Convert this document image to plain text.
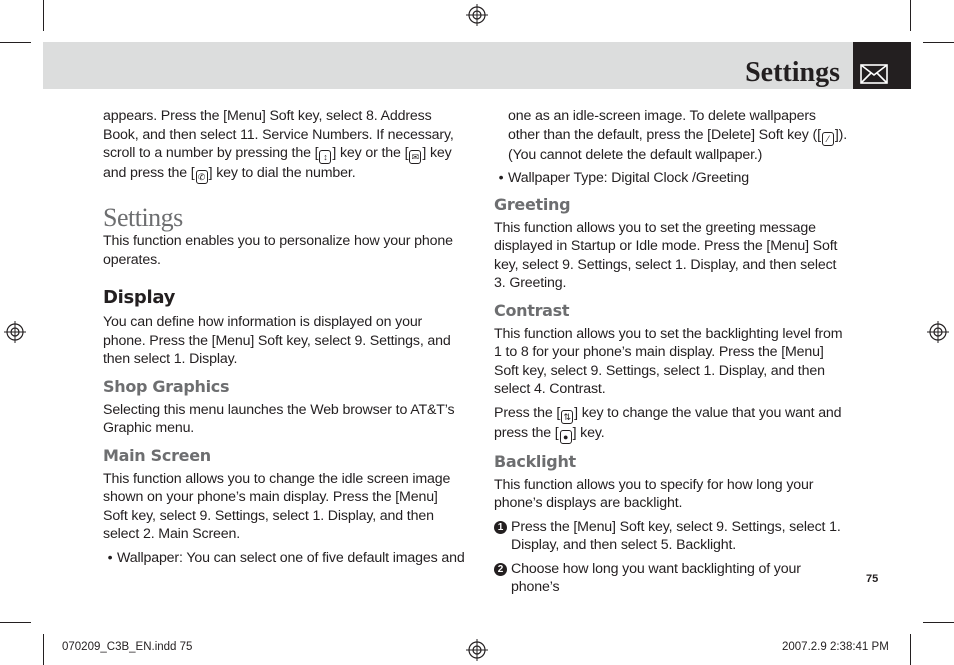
Settings

appears. Press the [Menu] Soft key, select 8. Address Book, and then select 11. Service Numbers. If necessary, scroll to a number by pressing the [ ↕ ] key or the [ ✉ ] key and press the [ ✆ ] key to dial the number.

Settings

This function enables you to personalize how your phone operates.

Display

You can define how information is displayed on your phone. Press the [Menu] Soft key, select 9. Settings, and then select 1. Display.

Shop Graphics

Selecting this menu launches the Web browser to AT&T’s Graphic menu.

Main Screen

This function allows you to change the idle screen image shown on your phone’s main display. Press the [Menu] Soft key, select 9. Settings, select 1. Display, and then select 2. Main Screen.

• Wallpaper: You can select one of five default images and

one as an idle-screen image. To delete wallpapers other than the default, press the [Delete] Soft key ([ ⁄ ]). (You cannot delete the default wallpaper.)

• Wallpaper Type: Digital Clock /Greeting
Greeting

This function allows you to set the greeting message displayed in Startup or Idle mode. Press the [Menu] Soft key, select 9. Settings, select 1. Display, and then select 3. Greeting.

Contrast

This function allows you to set the backlighting level from 1 to 8 for your phone’s main display. Press the [Menu] Soft key, select 9. Settings, select 1. Display, and then select 4. Contrast.

Press the [ ⇅ ] key to change the value that you want and press the [ ● ] key.

Backlight

This function allows you to specify for how long your phone’s displays are backlight.

1 Press the [Menu] Soft key, select 9. Settings, select 1. Display, and then select 5. Backlight.
2 Choose how long you want backlighting of your phone’s	75
070209_C3B_EN.indd 75	2007.2.9 2:38:41 PM
